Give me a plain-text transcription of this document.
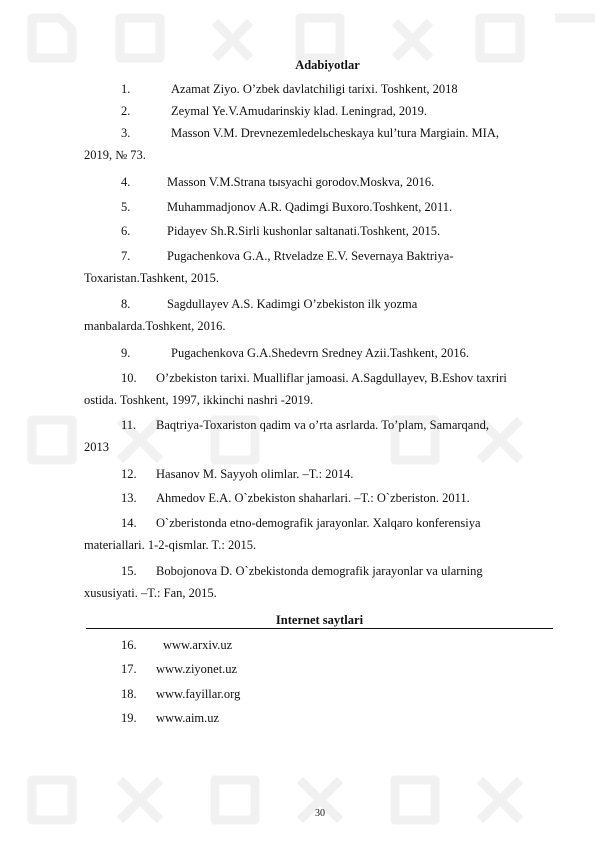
Adabiyotlar
1.	Azamat Ziyo. O’zbek davlatchiligi tarixi. Toshkent, 2018
2.	Zeymal Ye.V.Amudarinskiy klad. Leningrad, 2019.
3.	Masson V.M. Drevnezemledelьcheskaya kul’tura Margiain. MIA,
2019, № 73.
4.	Masson V.M.Strana tыsyachi gorodov.Moskva, 2016.
5.	Muhammadjonov A.R. Qadimgi Buxoro.Toshkent, 2011.
6.	Pidayev Sh.R.Sirli kushonlar saltanati.Toshkent, 2015.
7.	Pugachenkova G.A., Rtveladze E.V. Severnaya Baktriya-
Toxaristan.Tashkent, 2015.
8.	Sagdullayev A.S. Kadimgi O’zbekiston ilk yozma
manbalarda.Toshkent, 2016.
9.	Pugachenkova G.A.Shedevrn Sredney Azii.Tashkent, 2016.
10.	O’zbekiston tarixi. Mualliflar jamoasi. A.Sagdullayev, B.Eshov taxriri
ostida. Toshkent, 1997, ikkinchi nashri -2019.
11.	Baqtriya-Toxariston qadim va o’rta asrlarda. To’plam, Samarqand,
2013
12.	Hasanov M. Sayyoh olimlar. –T.: 2014.
13.	Ahmedov E.A. O`zbekiston shaharlari. –T.: O`zberiston. 2011.
14.	O`zberistonda etno-demografik jarayonlar. Xalqaro konferensiya
materiallari. 1-2-qismlar. T.: 2015.
15.	Bobojonova D. O`zbekistonda demografik jarayonlar va ularning
xususiyati. –T.: Fan, 2015.
Internet saytlari
16.	www.arxiv.uz
17.	www.ziyonet.uz
18.	www.fayillar.org
19.	www.aim.uz
30
